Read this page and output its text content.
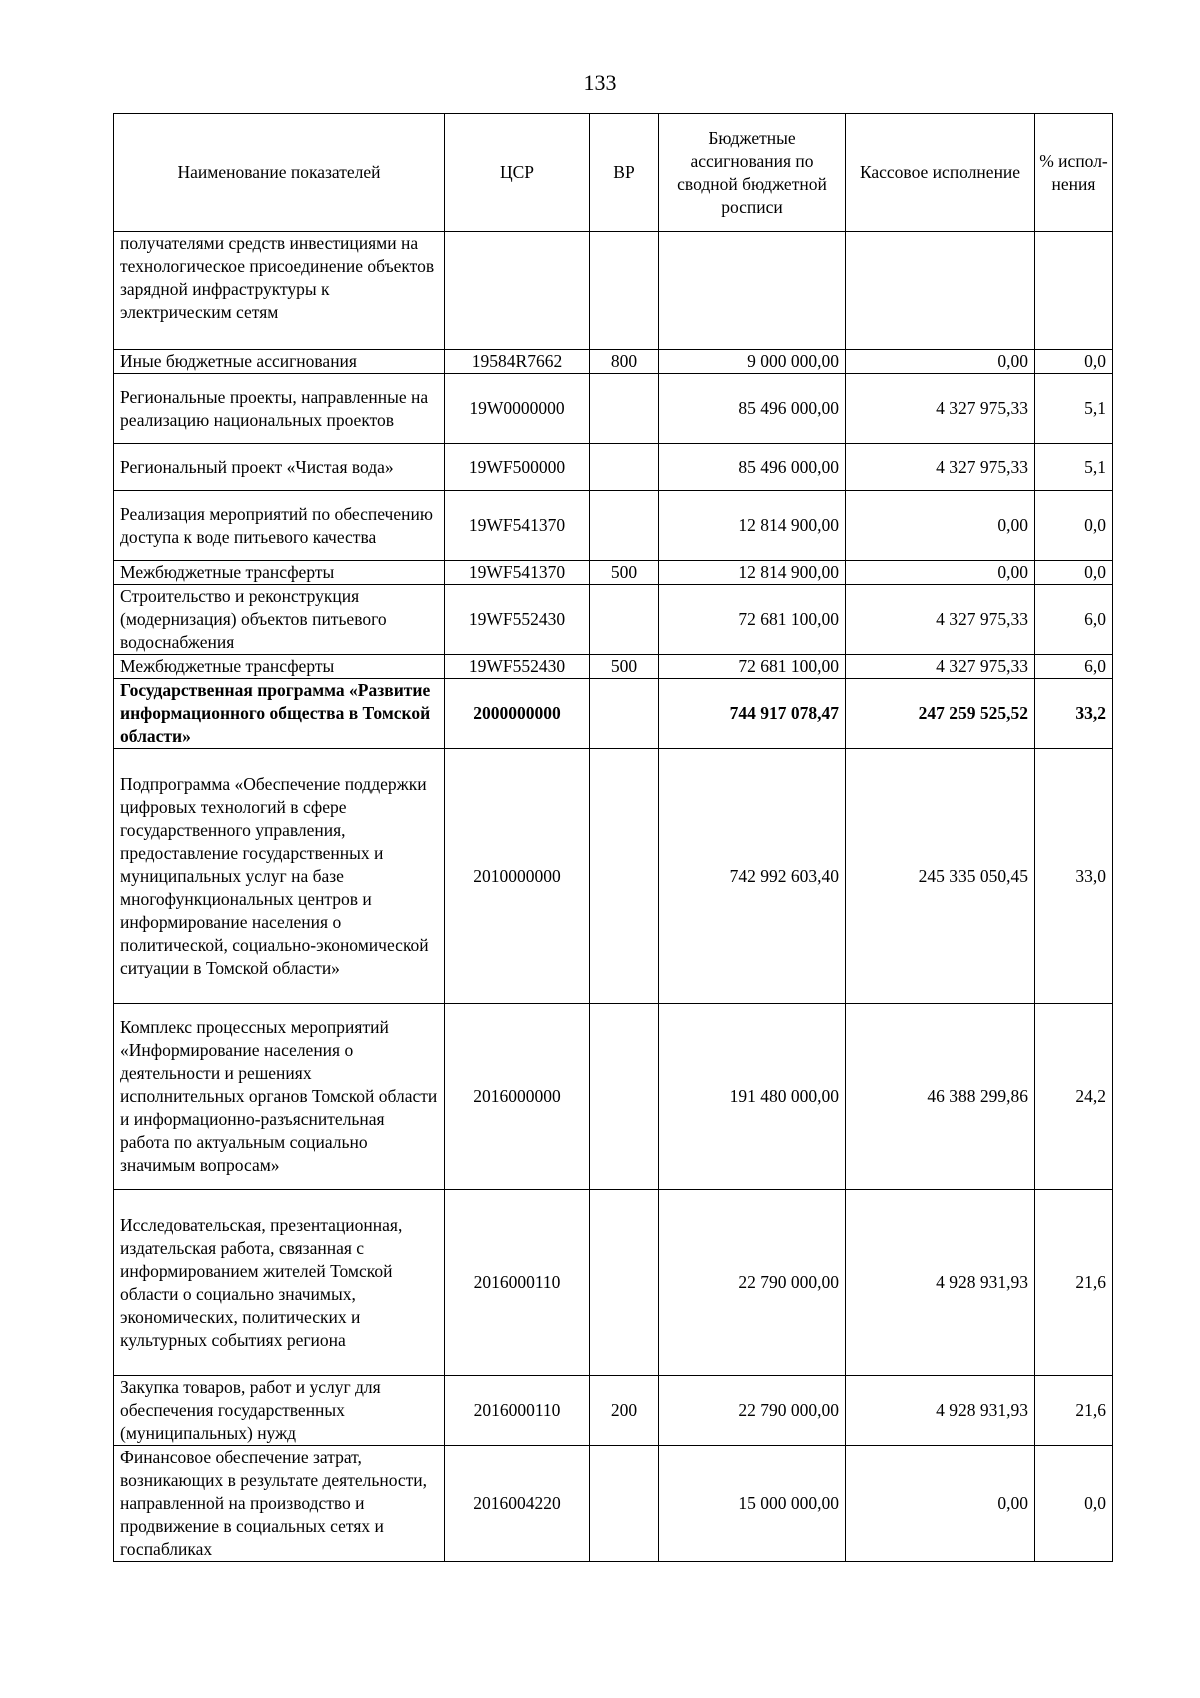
133
Наименование показателей	ЦСР	ВР	Бюджетные ассигнования по сводной бюджетной росписи	Кассовое исполнение	% испол-нения
получателями средств инвестициями на технологическое присоединение объектов зарядной инфраструктуры к электрическим сетям					
Иные бюджетные ассигнования	19584R7662	800	9 000 000,00	0,00	0,0
Региональные проекты, направленные на реализацию национальных проектов	19W0000000		85 496 000,00	4 327 975,33	5,1
Региональный проект «Чистая вода»	19WF500000		85 496 000,00	4 327 975,33	5,1
Реализация мероприятий по обеспечению доступа к воде питьевого качества	19WF541370		12 814 900,00	0,00	0,0
Межбюджетные трансферты	19WF541370	500	12 814 900,00	0,00	0,0
Строительство и реконструкция (модернизация) объектов питьевого водоснабжения	19WF552430		72 681 100,00	4 327 975,33	6,0
Межбюджетные трансферты	19WF552430	500	72 681 100,00	4 327 975,33	6,0
Государственная программа «Развитие информационного общества в Томской области»	2000000000		744 917 078,47	247 259 525,52	33,2
Подпрограмма «Обеспечение поддержки цифровых технологий в сфере государственного управления, предоставление государственных и муниципальных услуг на базе многофункциональных центров и информирование населения о политической, социально-экономической ситуации в Томской области»	2010000000		742 992 603,40	245 335 050,45	33,0
Комплекс процессных мероприятий «Информирование населения о деятельности и решениях исполнительных органов Томской области и информационно-разъяснительная работа по актуальным социально значимым вопросам»	2016000000		191 480 000,00	46 388 299,86	24,2
Исследовательская, презентационная, издательская работа, связанная с информированием жителей Томской области о социально значимых, экономических, политических и культурных событиях региона	2016000110		22 790 000,00	4 928 931,93	21,6
Закупка товаров, работ и услуг для обеспечения государственных (муниципальных) нужд	2016000110	200	22 790 000,00	4 928 931,93	21,6
Финансовое обеспечение затрат, возникающих в результате деятельности, направленной на производство и продвижение в социальных сетях и госпабликах	2016004220		15 000 000,00	0,00	0,0
